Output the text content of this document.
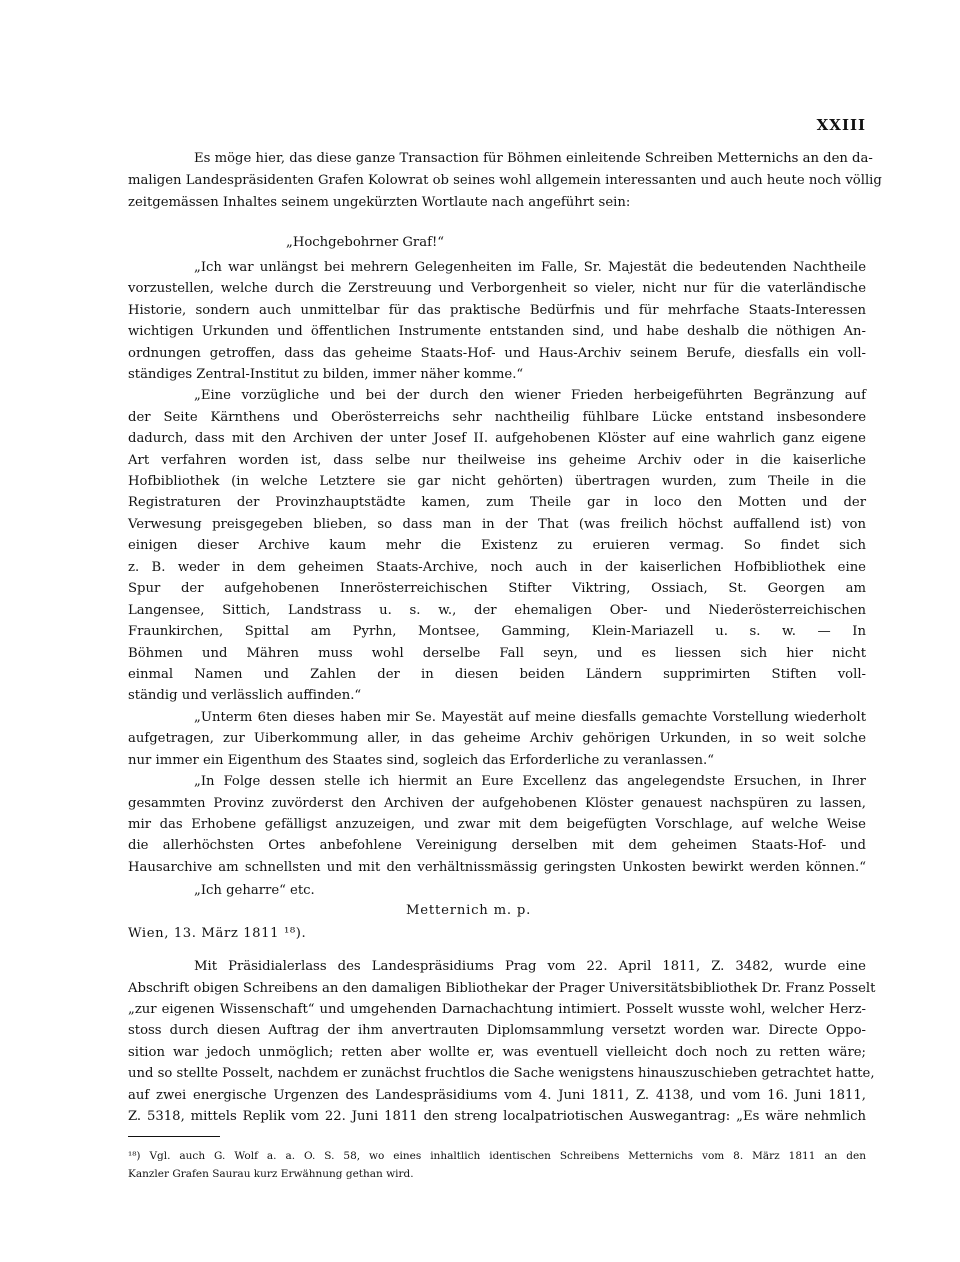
XXIII
Es möge hier, das diese ganze Transaction für Böhmen einleitende Schreiben Metternichs an den da-
maligen Landespräsidenten Grafen Kolowrat ob seines wohl allgemein interessanten und auch heute noch völlig
zeitgemässen Inhaltes seinem ungekürzten Wortlaute nach angeführt sein:
„Hochgebohrner Graf!“
„Ich war unlängst bei mehrern Gelegenheiten im Falle, Sr. Majestät die bedeutenden Nachtheile
vorzustellen, welche durch die Zerstreuung und Verborgenheit so vieler, nicht nur für die vaterländische
Historie, sondern auch unmittelbar für das praktische Bedürfnis und für mehrfache Staats-Interessen
wichtigen Urkunden und öffentlichen Instrumente entstanden sind, und habe deshalb die nöthigen An-
ordnungen getroffen, dass das geheime Staats-Hof- und Haus-Archiv seinem Berufe, diesfalls ein voll-
ständiges Zentral-Institut zu bilden, immer näher komme.“
„Eine vorzügliche und bei der durch den wiener Frieden herbeigeführten Begränzung auf
der Seite Kärnthens und Oberösterreichs sehr nachtheilig fühlbare Lücke entstand insbesondere
dadurch, dass mit den Archiven der unter Josef II. aufgehobenen Klöster auf eine wahrlich ganz eigene
Art verfahren worden ist, dass selbe nur theilweise ins geheime Archiv oder in die kaiserliche
Hofbibliothek (in welche Letztere sie gar nicht gehörten) übertragen wurden, zum Theile in die
Registraturen der Provinzhauptstädte kamen, zum Theile gar in loco den Motten und der
Verwesung preisgegeben blieben, so dass man in der That (was freilich höchst auffallend ist) von
einigen dieser Archive kaum mehr die Existenz zu eruieren vermag. So findet sich
z. B. weder in dem geheimen Staats-Archive, noch auch in der kaiserlichen Hofbibliothek eine
Spur der aufgehobenen Innerösterreichischen Stifter Viktring, Ossiach, St. Georgen am
Langensee, Sittich, Landstrass u. s. w., der ehemaligen Ober- und Niederösterreichischen
Fraunkirchen, Spittal am Pyrhn, Montsee, Gamming, Klein-Mariazell u. s. w. — In
Böhmen und Mähren muss wohl derselbe Fall seyn, und es liessen sich hier nicht
einmal Namen und Zahlen der in diesen beiden Ländern supprimirten Stiften voll-
ständig und verlässlich auffinden.“
„Unterm 6ten dieses haben mir Se. Mayestät auf meine diesfalls gemachte Vorstellung wiederholt
aufgetragen, zur Uiberkommung aller, in das geheime Archiv gehörigen Urkunden, in so weit solche
nur immer ein Eigenthum des Staates sind, sogleich das Erforderliche zu veranlassen.“
„In Folge dessen stelle ich hiermit an Eure Excellenz das angelegendste Ersuchen, in Ihrer
gesammten Provinz zuvörderst den Archiven der aufgehobenen Klöster genauest nachspüren zu lassen,
mir das Erhobene gefälligst anzuzeigen, und zwar mit dem beigefügten Vorschlage, auf welche Weise
die allerhöchsten Ortes anbefohlene Vereinigung derselben mit dem geheimen Staats-Hof- und
Hausarchive am schnellsten und mit den verhältnissmässig geringsten Unkosten bewirkt werden können.“
„Ich geharre“ etc.
Metternich m. p.
Wien, 13. März 1811 ¹⁸).
Mit Präsidialerlass des Landespräsidiums Prag vom 22. April 1811, Z. 3482, wurde eine
Abschrift obigen Schreibens an den damaligen Bibliothekar der Prager Universitätsbibliothek Dr. Franz Posselt
„zur eigenen Wissenschaft“ und umgehenden Darnachachtung intimiert. Posselt wusste wohl, welcher Herz-
stoss durch diesen Auftrag der ihm anvertrauten Diplomsammlung versetzt worden war. Directe Oppo-
sition war jedoch unmöglich; retten aber wollte er, was eventuell vielleicht doch noch zu retten wäre;
und so stellte Posselt, nachdem er zunächst fruchtlos die Sache wenigstens hinauszuschieben getrachtet hatte,
auf zwei energische Urgenzen des Landespräsidiums vom 4. Juni 1811, Z. 4138, und vom 16. Juni 1811,
Z. 5318, mittels Replik vom 22. Juni 1811 den streng localpatriotischen Auswegantrag: „Es wäre nehmlich
¹⁸) Vgl. auch G. Wolf a. a. O. S. 58, wo eines inhaltlich identischen Schreibens Metternichs vom 8. März 1811 an den
Kanzler Grafen Saurau kurz Erwähnung gethan wird.
